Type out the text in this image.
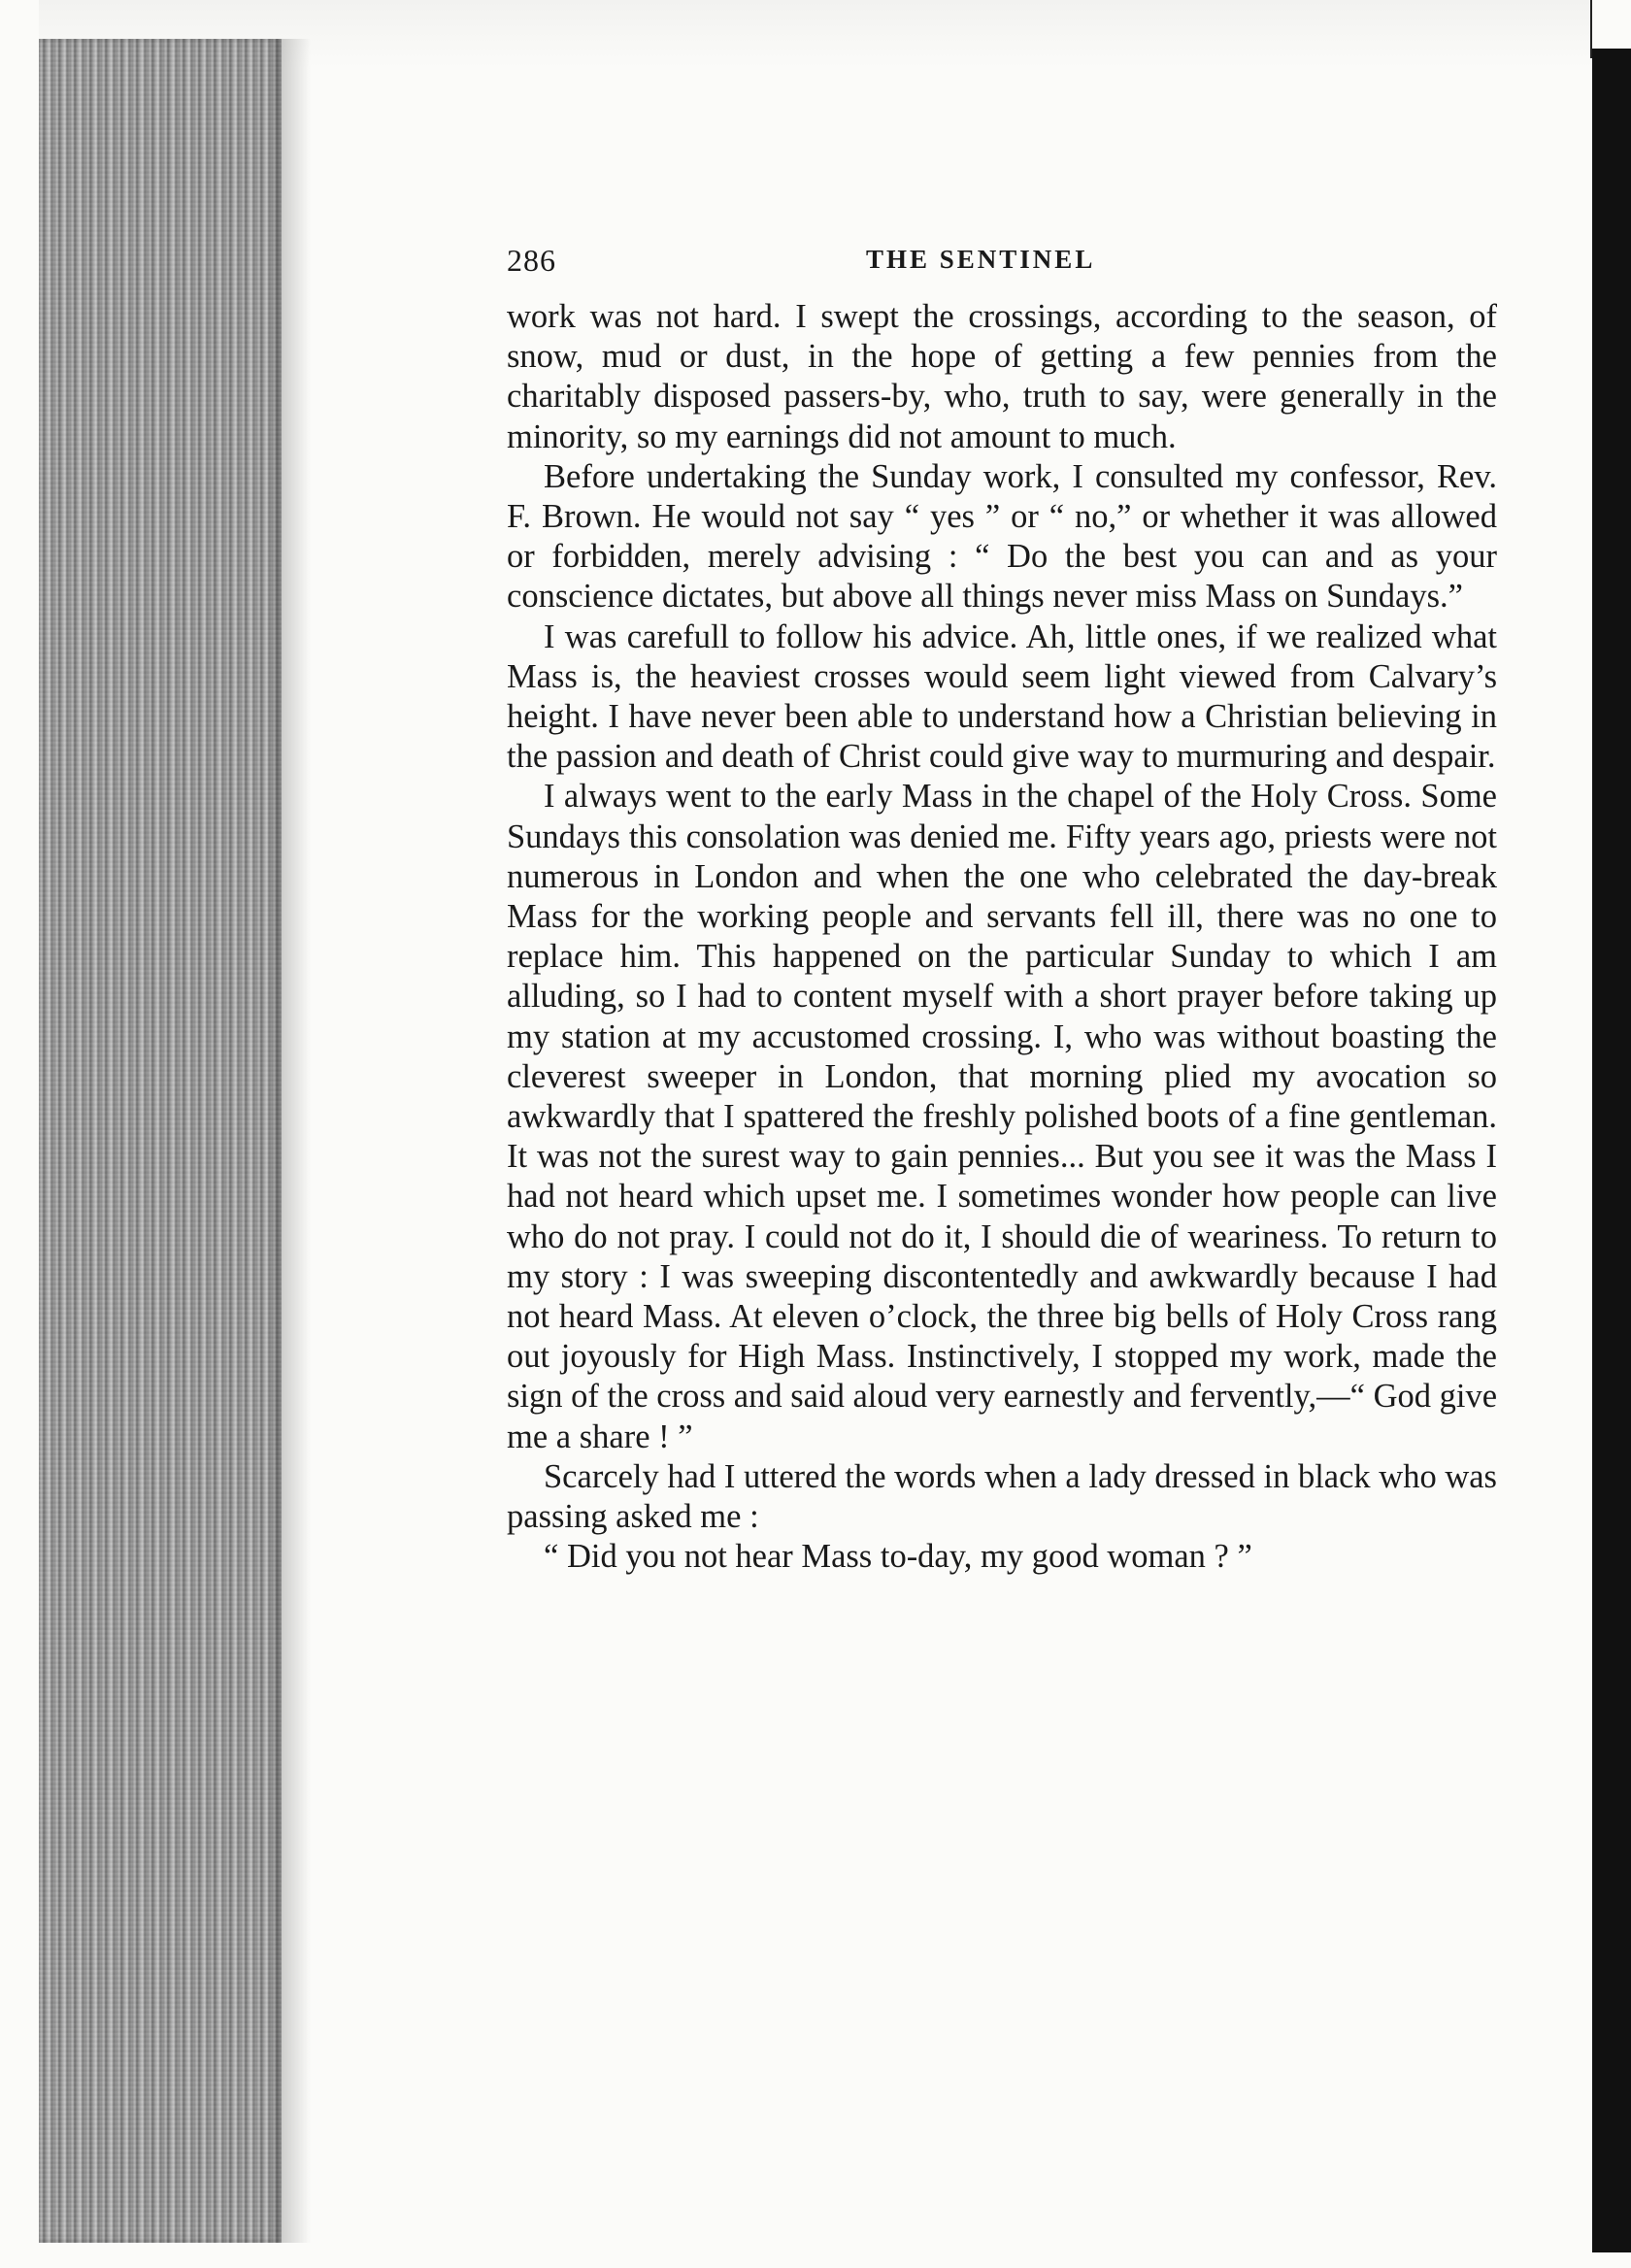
286	THE SENTINEL

work was not hard. I swept the crossings, according to the season, of snow, mud or dust, in the hope of getting a few pennies from the charitably disposed passers-by, who, truth to say, were generally in the minority, so my earnings did not amount to much.

Before undertaking the Sunday work, I consulted my confessor, Rev. F. Brown. He would not say “ yes ” or “ no,” or whether it was allowed or forbidden, merely advising : “ Do the best you can and as your conscience dictates, but above all things never miss Mass on Sundays.”

I was carefull to follow his advice. Ah, little ones, if we realized what Mass is, the heaviest crosses would seem light viewed from Calvary’s height. I have never been able to understand how a Christian believing in the passion and death of Christ could give way to murmuring and despair.

I always went to the early Mass in the chapel of the Holy Cross. Some Sundays this consolation was denied me. Fifty years ago, priests were not numerous in London and when the one who celebrated the day-break Mass for the working people and servants fell ill, there was no one to replace him. This happened on the particular Sunday to which I am alluding, so I had to content myself with a short prayer before taking up my station at my accustomed crossing. I, who was without boasting the cleverest sweeper in London, that morning plied my avocation so awkwardly that I spattered the freshly polished boots of a fine gentleman. It was not the surest way to gain pennies... But you see it was the Mass I had not heard which upset me. I sometimes wonder how people can live who do not pray. I could not do it, I should die of weariness. To return to my story : I was sweeping discontentedly and awkwardly because I had not heard Mass. At eleven o’clock, the three big bells of Holy Cross rang out joyously for High Mass. Instinctively, I stopped my work, made the sign of the cross and said aloud very earnestly and fervently,—“ God give me a share ! ”

Scarcely had I uttered the words when a lady dressed in black who was passing asked me :

“ Did you not hear Mass to-day, my good woman ? ”
